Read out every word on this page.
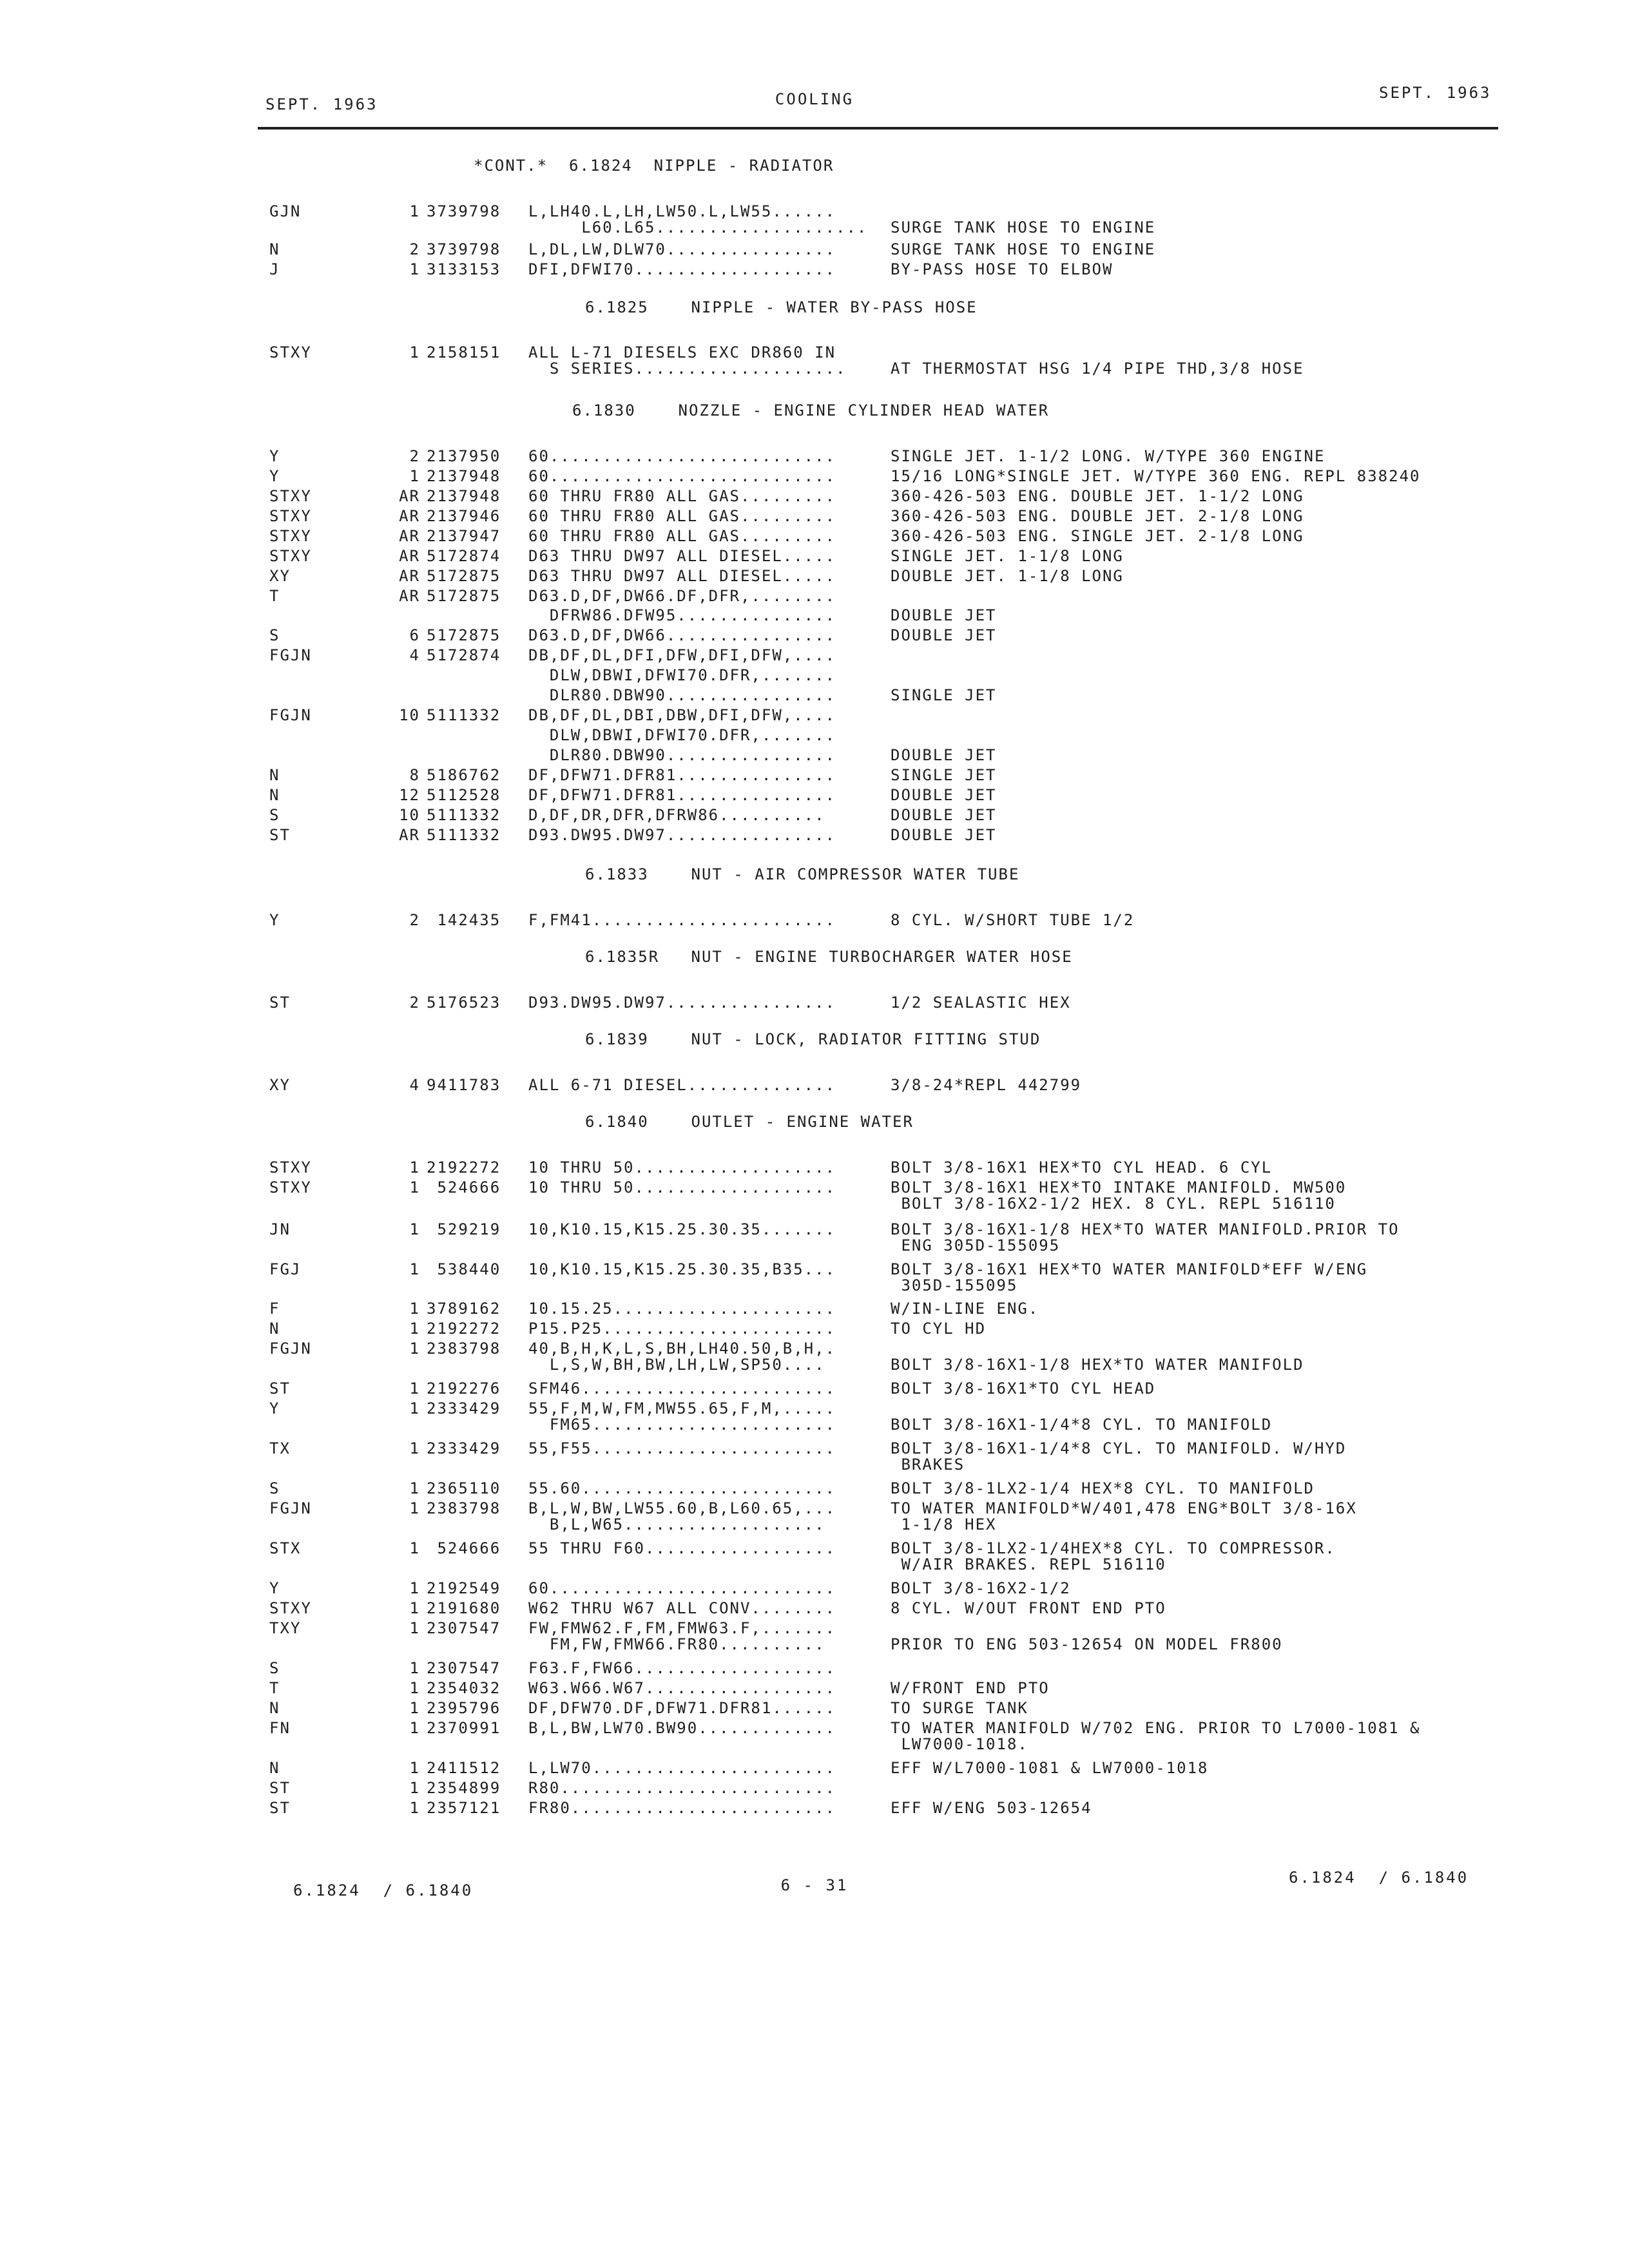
SEPT. 1963	COOLING	SEPT. 1963
*CONT.*  6.1824  NIPPLE - RADIATOR
GJN	1 3739798 L,LH40.L,LH,LW50.L,LW55......
L60.L65.................... SURGE TANK HOSE TO ENGINE
N	2 3739798 L,DL,LW,DLW70................	SURGE TANK HOSE TO ENGINE
J	1 3133153 DFI,DFWI70...................	BY-PASS HOSE TO ELBOW
6.1825    NIPPLE - WATER BY-PASS HOSE
STXY	1 2158151 ALL L-71 DIESELS EXC DR860 IN
S SERIES....................	AT THERMOSTAT HSG 1/4 PIPE THD,3/8 HOSE
6.1830    NOZZLE - ENGINE CYLINDER HEAD WATER
Y	2 2137950 60...........................	SINGLE JET. 1-1/2 LONG. W/TYPE 360 ENGINE
Y	1 2137948 60...........................	15/16 LONG*SINGLE JET. W/TYPE 360 ENG. REPL 838240
STXY	AR 2137948 60 THRU FR80 ALL GAS.........	360-426-503 ENG. DOUBLE JET. 1-1/2 LONG
STXY	AR 2137946 60 THRU FR80 ALL GAS.........	360-426-503 ENG. DOUBLE JET. 2-1/8 LONG
STXY	AR 2137947 60 THRU FR80 ALL GAS.........	360-426-503 ENG. SINGLE JET. 2-1/8 LONG
STXY	AR 5172874 D63 THRU DW97 ALL DIESEL.....	SINGLE JET. 1-1/8 LONG
XY	AR 5172875 D63 THRU DW97 ALL DIESEL.....	DOUBLE JET. 1-1/8 LONG
T	AR 5172875 D63.D,DF,DW66.DF,DFR,........
DFRW86.DFW95...............	DOUBLE JET
S	6 5172875 D63.D,DF,DW66................	DOUBLE JET
FGJN	4 5172874 DB,DF,DL,DFI,DFW,DFI,DFW,....
DLW,DBWI,DFWI70.DFR,.......
DLR80.DBW90................	SINGLE JET
FGJN	10 5111332 DB,DF,DL,DBI,DBW,DFI,DFW,....
DLW,DBWI,DFWI70.DFR,.......
DLR80.DBW90................	DOUBLE JET
N	8 5186762 DF,DFW71.DFR81...............	SINGLE JET
N	12 5112528 DF,DFW71.DFR81...............	DOUBLE JET
S	10 5111332 D,DF,DR,DFR,DFRW86..........	DOUBLE JET
ST	AR 5111332 D93.DW95.DW97................	DOUBLE JET
6.1833    NUT - AIR COMPRESSOR WATER TUBE
Y	2 142435 F,FM41.......................	8 CYL. W/SHORT TUBE 1/2
6.1835R   NUT - ENGINE TURBOCHARGER WATER HOSE
ST	2 5176523 D93.DW95.DW97................	1/2 SEALASTIC HEX
6.1839    NUT - LOCK, RADIATOR FITTING STUD
XY	4 9411783 ALL 6-71 DIESEL..............	3/8-24*REPL 442799
6.1840    OUTLET - ENGINE WATER
STXY	1 2192272 10 THRU 50...................	BOLT 3/8-16X1 HEX*TO CYL HEAD. 6 CYL
STXY	1 524666 10 THRU 50...................	BOLT 3/8-16X1 HEX*TO INTAKE MANIFOLD. MW500
BOLT 3/8-16X2-1/2 HEX. 8 CYL. REPL 516110
JN	1 529219 10,K10.15,K15.25.30.35.......	BOLT 3/8-16X1-1/8 HEX*TO WATER MANIFOLD.PRIOR TO
ENG 305D-155095
FGJ	1 538440 10,K10.15,K15.25.30.35,B35...	BOLT 3/8-16X1 HEX*TO WATER MANIFOLD*EFF W/ENG
305D-155095
F	1 3789162 10.15.25.....................	W/IN-LINE ENG.
N	1 2192272 P15.P25......................	TO CYL HD
FGJN	1 2383798 40,B,H,K,L,S,BH,LH40.50,B,H,.
L,S,W,BH,BW,LH,LW,SP50....	BOLT 3/8-16X1-1/8 HEX*TO WATER MANIFOLD
ST	1 2192276 SFM46........................	BOLT 3/8-16X1*TO CYL HEAD
Y	1 2333429 55,F,M,W,FM,MW55.65,F,M,.....
FM65.......................	BOLT 3/8-16X1-1/4*8 CYL. TO MANIFOLD
TX	1 2333429 55,F55.......................	BOLT 3/8-16X1-1/4*8 CYL. TO MANIFOLD. W/HYD
BRAKES
S	1 2365110 55.60........................	BOLT 3/8-1LX2-1/4 HEX*8 CYL. TO MANIFOLD
FGJN	1 2383798 B,L,W,BW,LW55.60,B,L60.65,...	TO WATER MANIFOLD*W/401,478 ENG*BOLT 3/8-16X
B,L,W65...................	1-1/8 HEX
STX	1 524666 55 THRU F60..................	BOLT 3/8-1LX2-1/4HEX*8 CYL. TO COMPRESSOR.
W/AIR BRAKES. REPL 516110
Y	1 2192549 60...........................	BOLT 3/8-16X2-1/2
STXY	1 2191680 W62 THRU W67 ALL CONV........	8 CYL. W/OUT FRONT END PTO
TXY	1 2307547 FW,FMW62.F,FM,FMW63.F,.......
FM,FW,FMW66.FR80..........	PRIOR TO ENG 503-12654 ON MODEL FR800
S	1 2307547 F63.F,FW66...................
T	1 2354032 W63.W66.W67..................	W/FRONT END PTO
N	1 2395796 DF,DFW70.DF,DFW71.DFR81......	TO SURGE TANK
FN	1 2370991 B,L,BW,LW70.BW90.............	TO WATER MANIFOLD W/702 ENG. PRIOR TO L7000-1081 &
LW7000-1018.
N	1 2411512 L,LW70.......................	EFF W/L7000-1081 & LW7000-1018
ST	1 2354899 R80..........................
ST	1 2357121 FR80.........................	EFF W/ENG 503-12654
6.1824  / 6.1840	6 - 31	6.1824  / 6.1840
